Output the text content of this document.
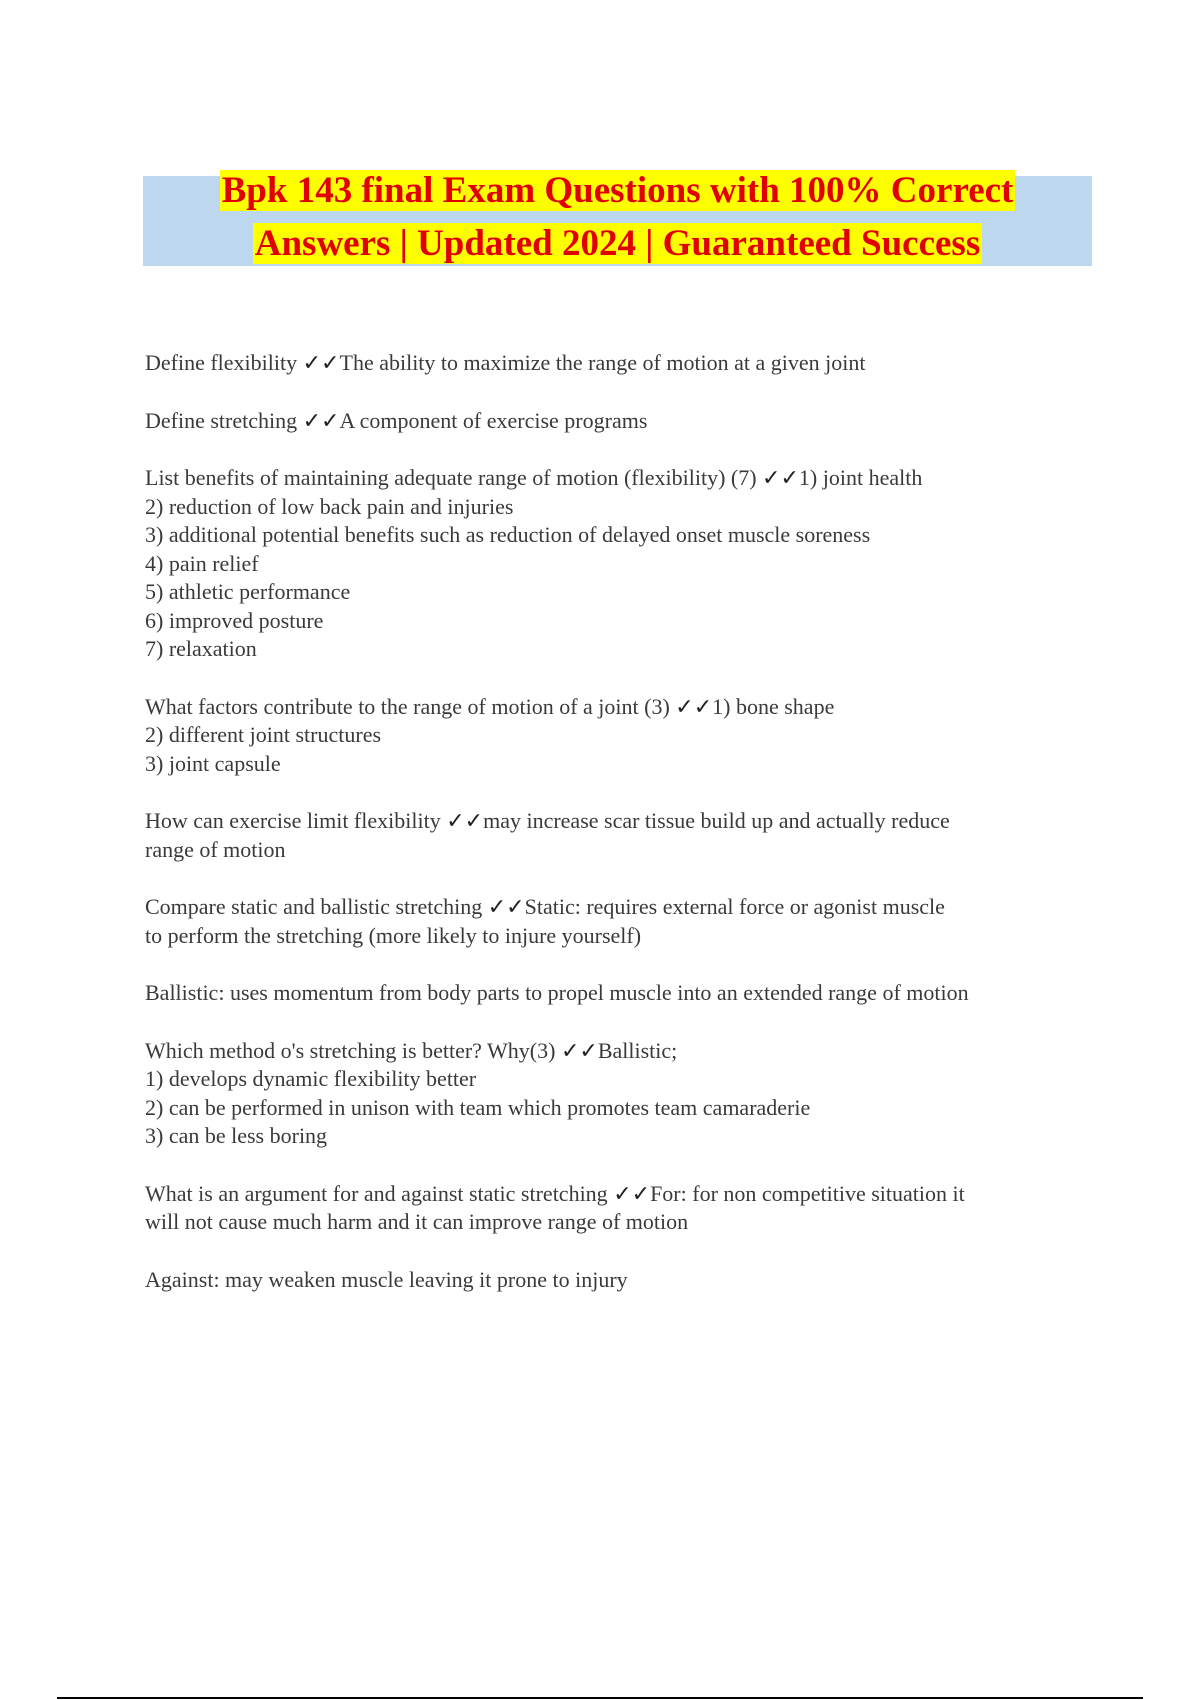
Bpk 143 final Exam Questions with 100% Correct
Answers | Updated 2024 | Guaranteed Success
Define flexibility ✓✓The ability to maximize the range of motion at a given joint
Define stretching ✓✓A component of exercise programs
List benefits of maintaining adequate range of motion (flexibility) (7) ✓✓1) joint health
2) reduction of low back pain and injuries
3) additional potential benefits such as reduction of delayed onset muscle soreness
4) pain relief
5) athletic performance
6) improved posture
7) relaxation
What factors contribute to the range of motion of a joint (3) ✓✓1) bone shape
2) different joint structures
3) joint capsule
How can exercise limit flexibility ✓✓may increase scar tissue build up and actually reduce
range of motion
Compare static and ballistic stretching ✓✓Static: requires external force or agonist muscle
to perform the stretching (more likely to injure yourself)
Ballistic: uses momentum from body parts to propel muscle into an extended range of motion
Which method o's stretching is better? Why(3) ✓✓Ballistic;
1) develops dynamic flexibility better
2) can be performed in unison with team which promotes team camaraderie
3) can be less boring
What is an argument for and against static stretching ✓✓For: for non competitive situation it
will not cause much harm and it can improve range of motion
Against: may weaken muscle leaving it prone to injury
